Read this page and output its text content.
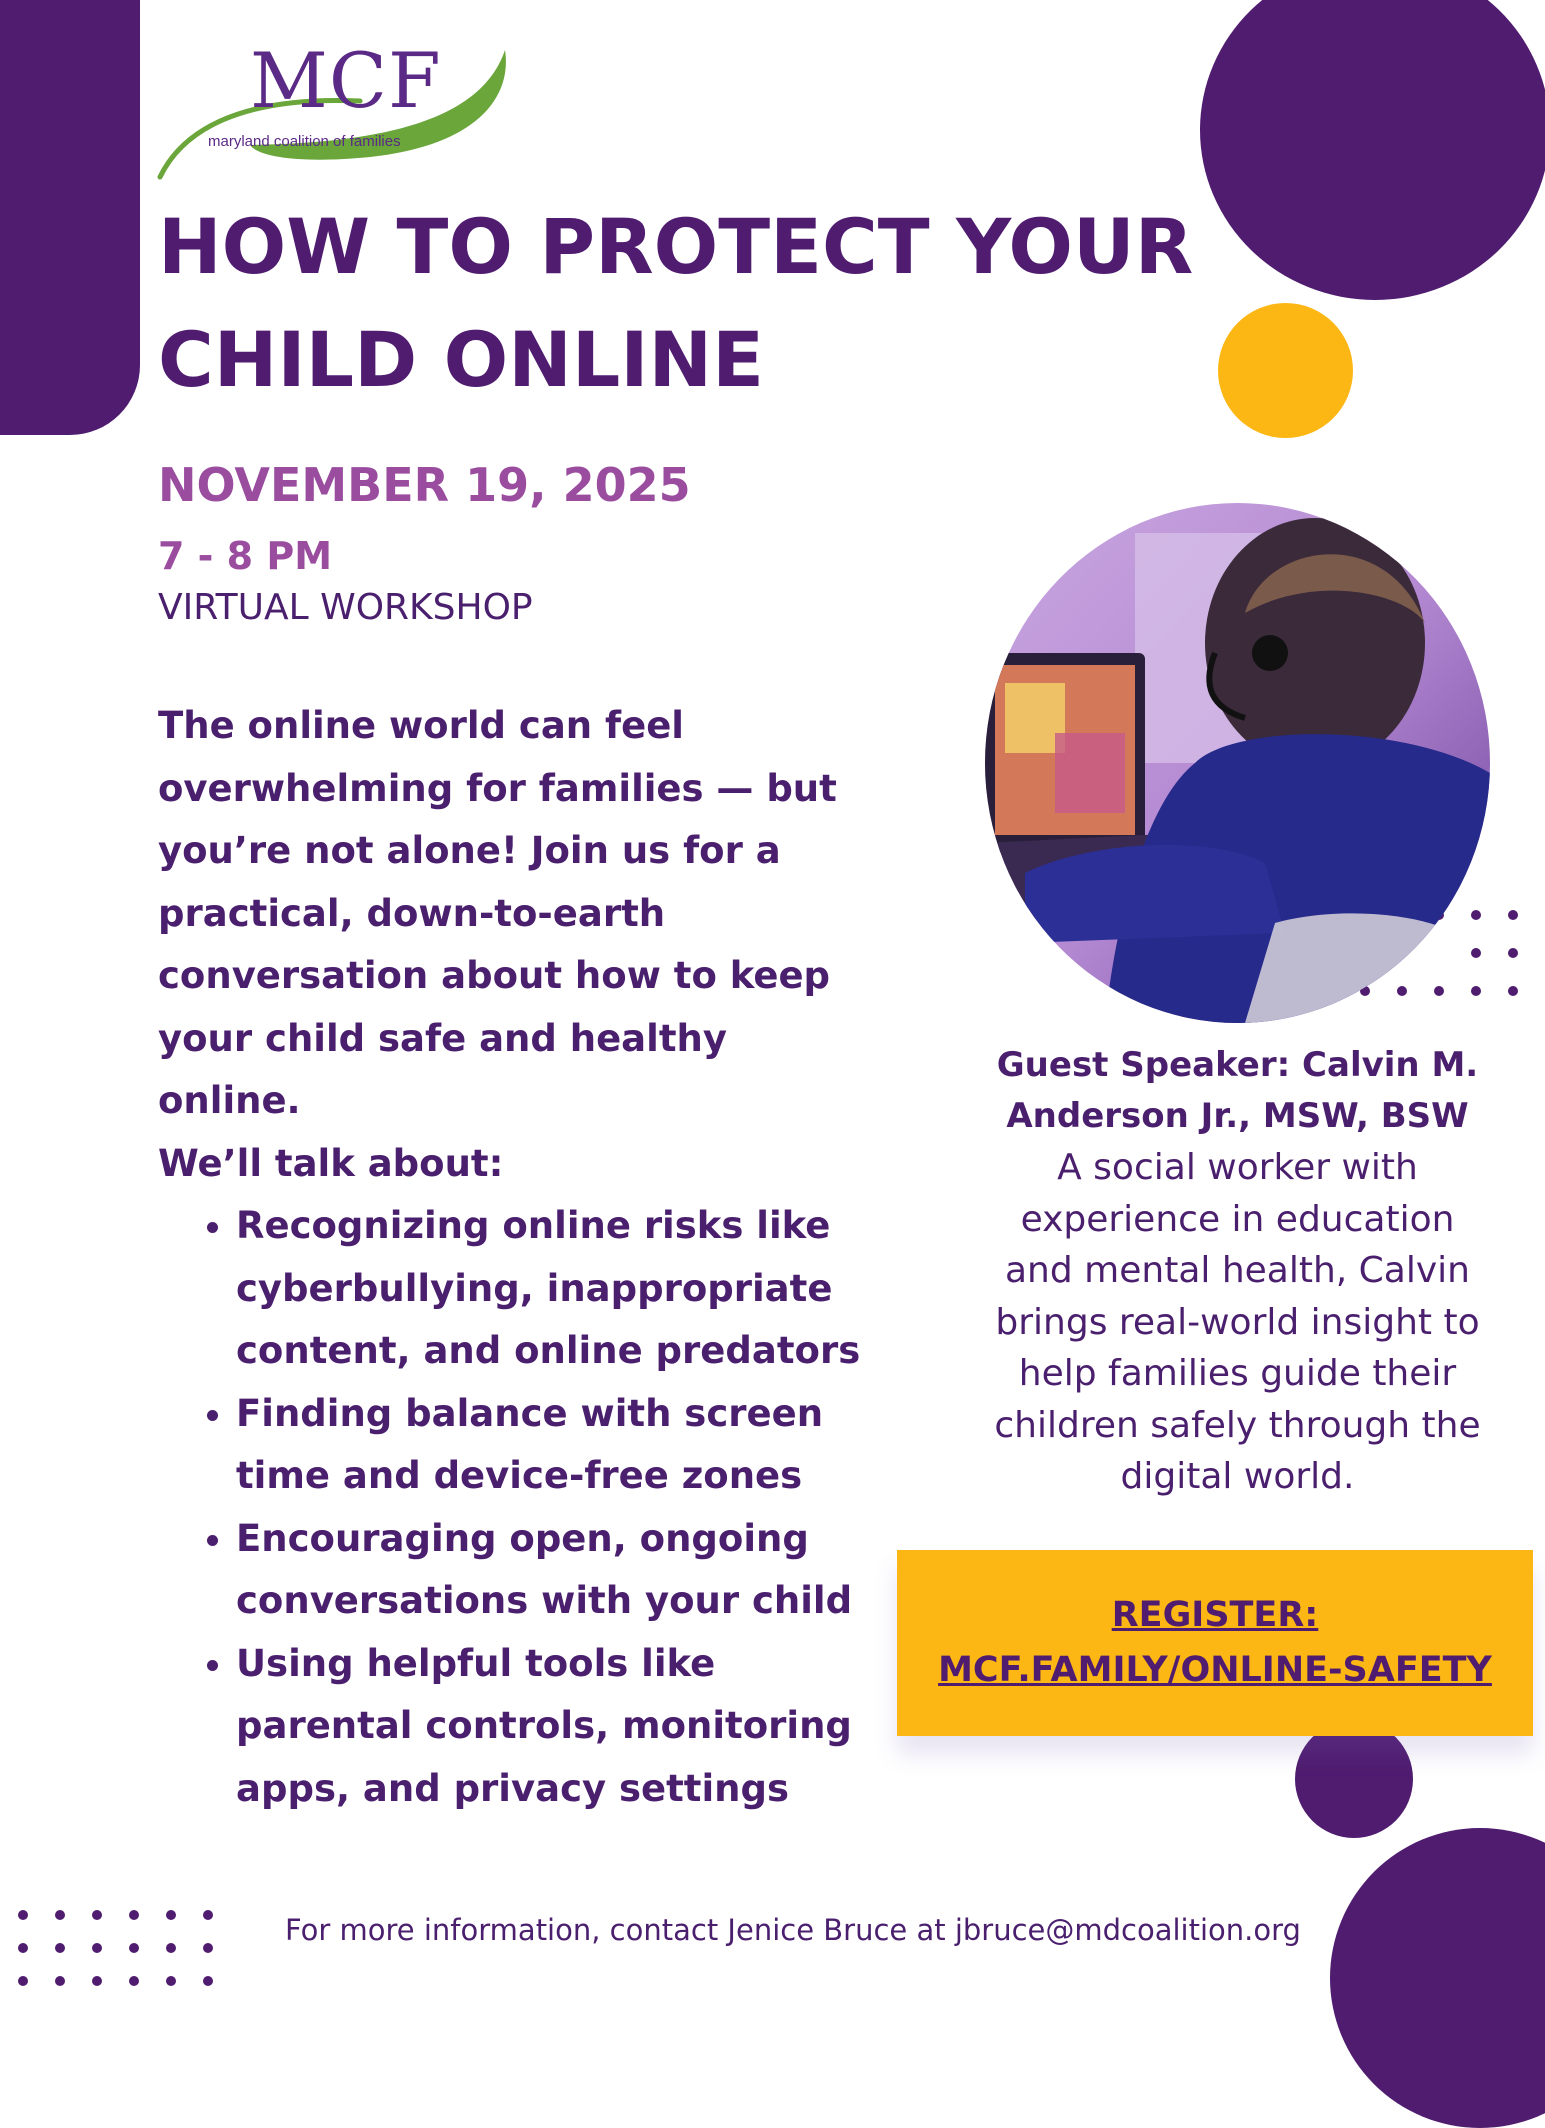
MCF
maryland coalition of families
HOW TO PROTECT YOUR CHILD ONLINE
NOVEMBER 19, 2025
7 - 8 PM
VIRTUAL WORKSHOP

The online world can feel overwhelming for families — but you’re not alone! Join us for a practical, down-to-earth conversation about how to keep your child safe and healthy online.

We’ll talk about:

• Recognizing online risks like cyberbullying, inappropriate content, and online predators
• Finding balance with screen time and device-free zones
• Encouraging open, ongoing conversations with your child
• Using helpful tools like parental controls, monitoring apps, and privacy settings
Guest Speaker: Calvin M. Anderson Jr., MSW, BSW
A social worker with experience in education and mental health, Calvin brings real-world insight to help families guide their children safely through the digital world.
REGISTER:
MCF.FAMILY/ONLINE-SAFETY
For more information, contact Jenice Bruce at jbruce@mdcoalition.org
